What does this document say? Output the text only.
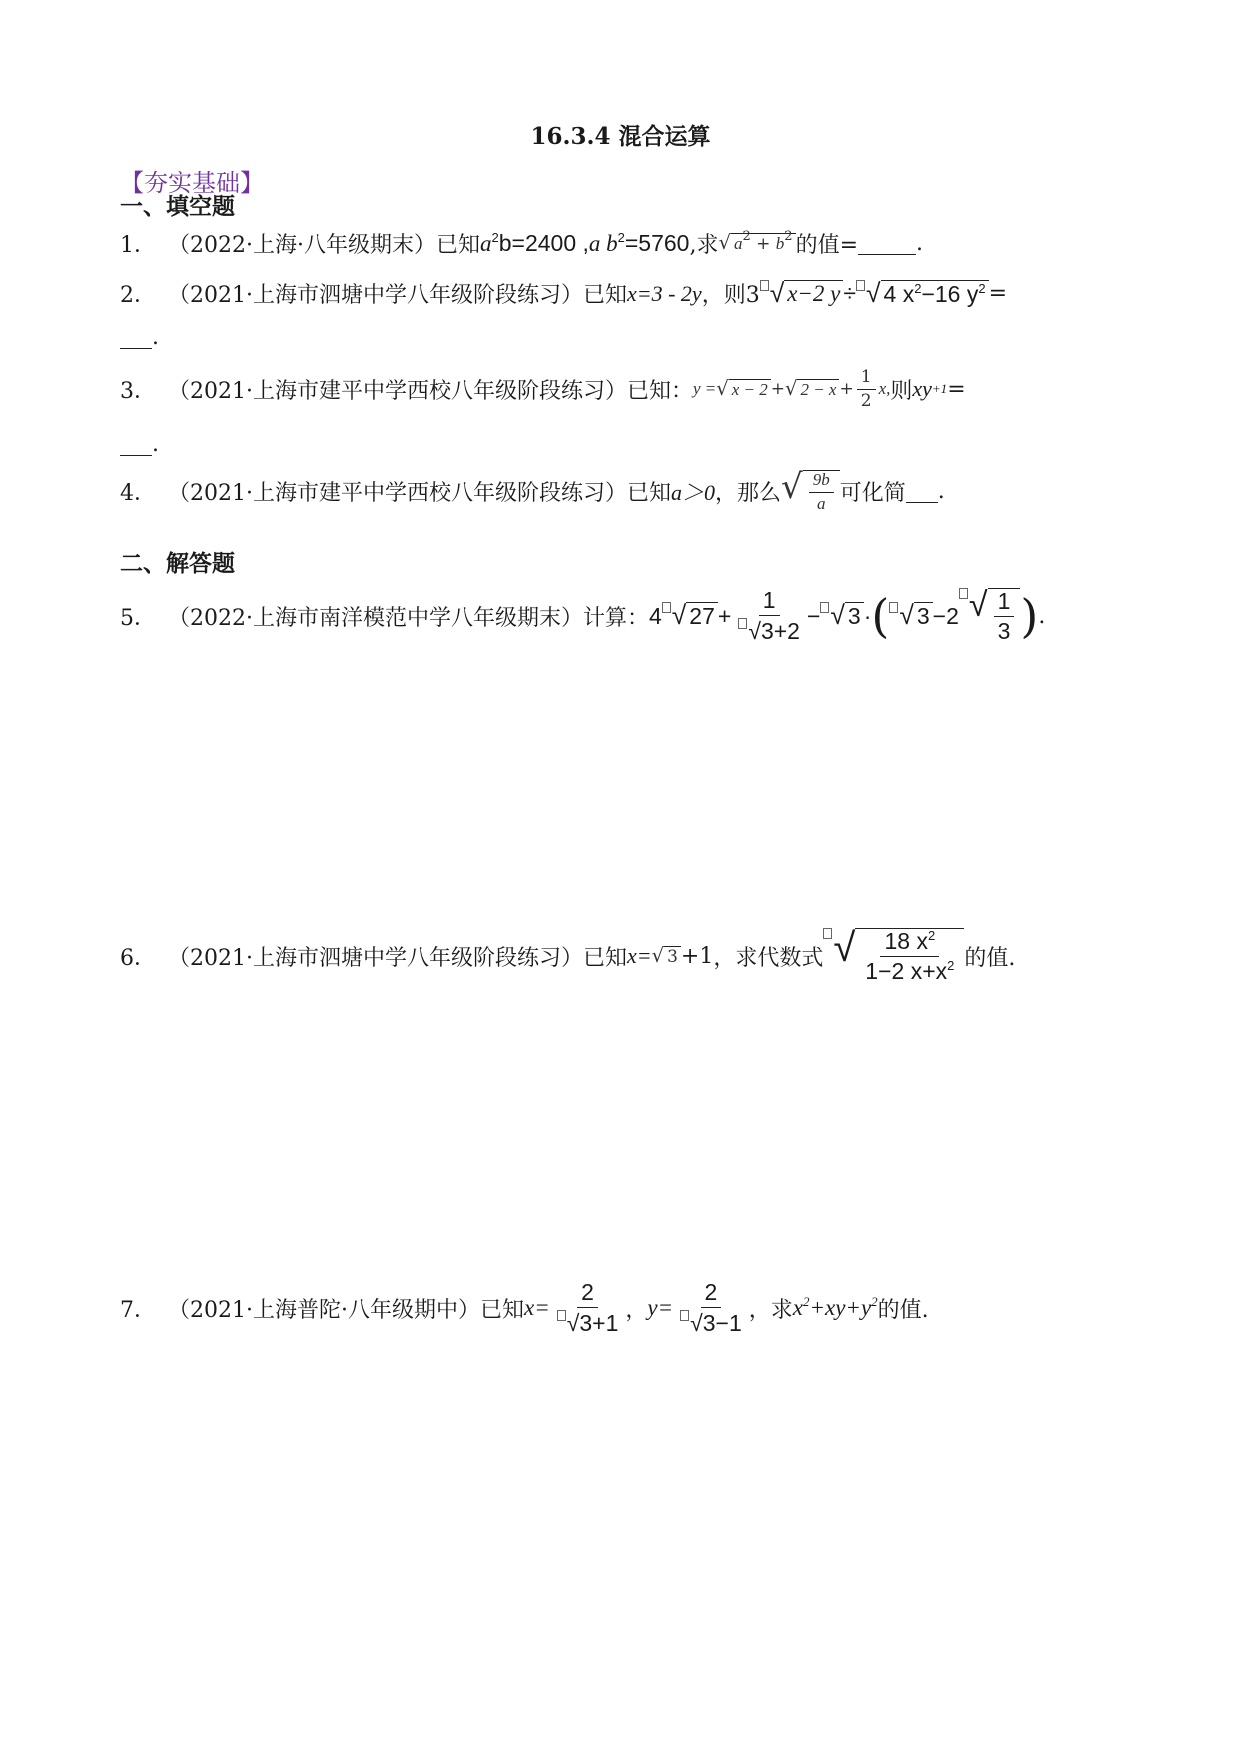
16.3.4 混合运算
【夯实基础】
一、填空题
1． （2022·上海·八年级期末）已知 $a^2b=2400$ ,a $b^2=5760$ ,求 √ $a^2 + b^2$ 的值=	.
2． （2021·上海市泗塘中学八年级阶段练习）已知 x=3 - 2y ，则3 √ x−2 y ÷ √ 4 $x^2-16$ $y^2$ =
.
3． （2021·上海市建平中学西校八年级阶段练习）已知： y = √ x − 2 + √ $2 - x + \frac{1}{2} x$, 则 xy +1 =
.
4． （2021·上海市建平中学西校八年级阶段练习）已知 a＞0 ，那么 √ $\frac{9b}{a}$ 可化简 .
二、解答题
5． （2022·上海市南洋模范中学八年级期末）计算： 4 √ $27 + \frac{1}{√3+2}$ − √ 3 · ( √ 3 −2 √ $\frac{1}{3}$ ) .
6． （2021·上海市泗塘中学八年级阶段练习）已知 x= √ 3 +1 ，求代数式 √ $\frac{18 x^2}{1-2 x+x^2}$ 的值.
7． （2021·上海普陀·八年级期中）已知 $x= \frac{2}{√3+1}$ ， $y= \frac{2}{√3-1}$ ，求 $x^2+xy+y^2$ 的值.
